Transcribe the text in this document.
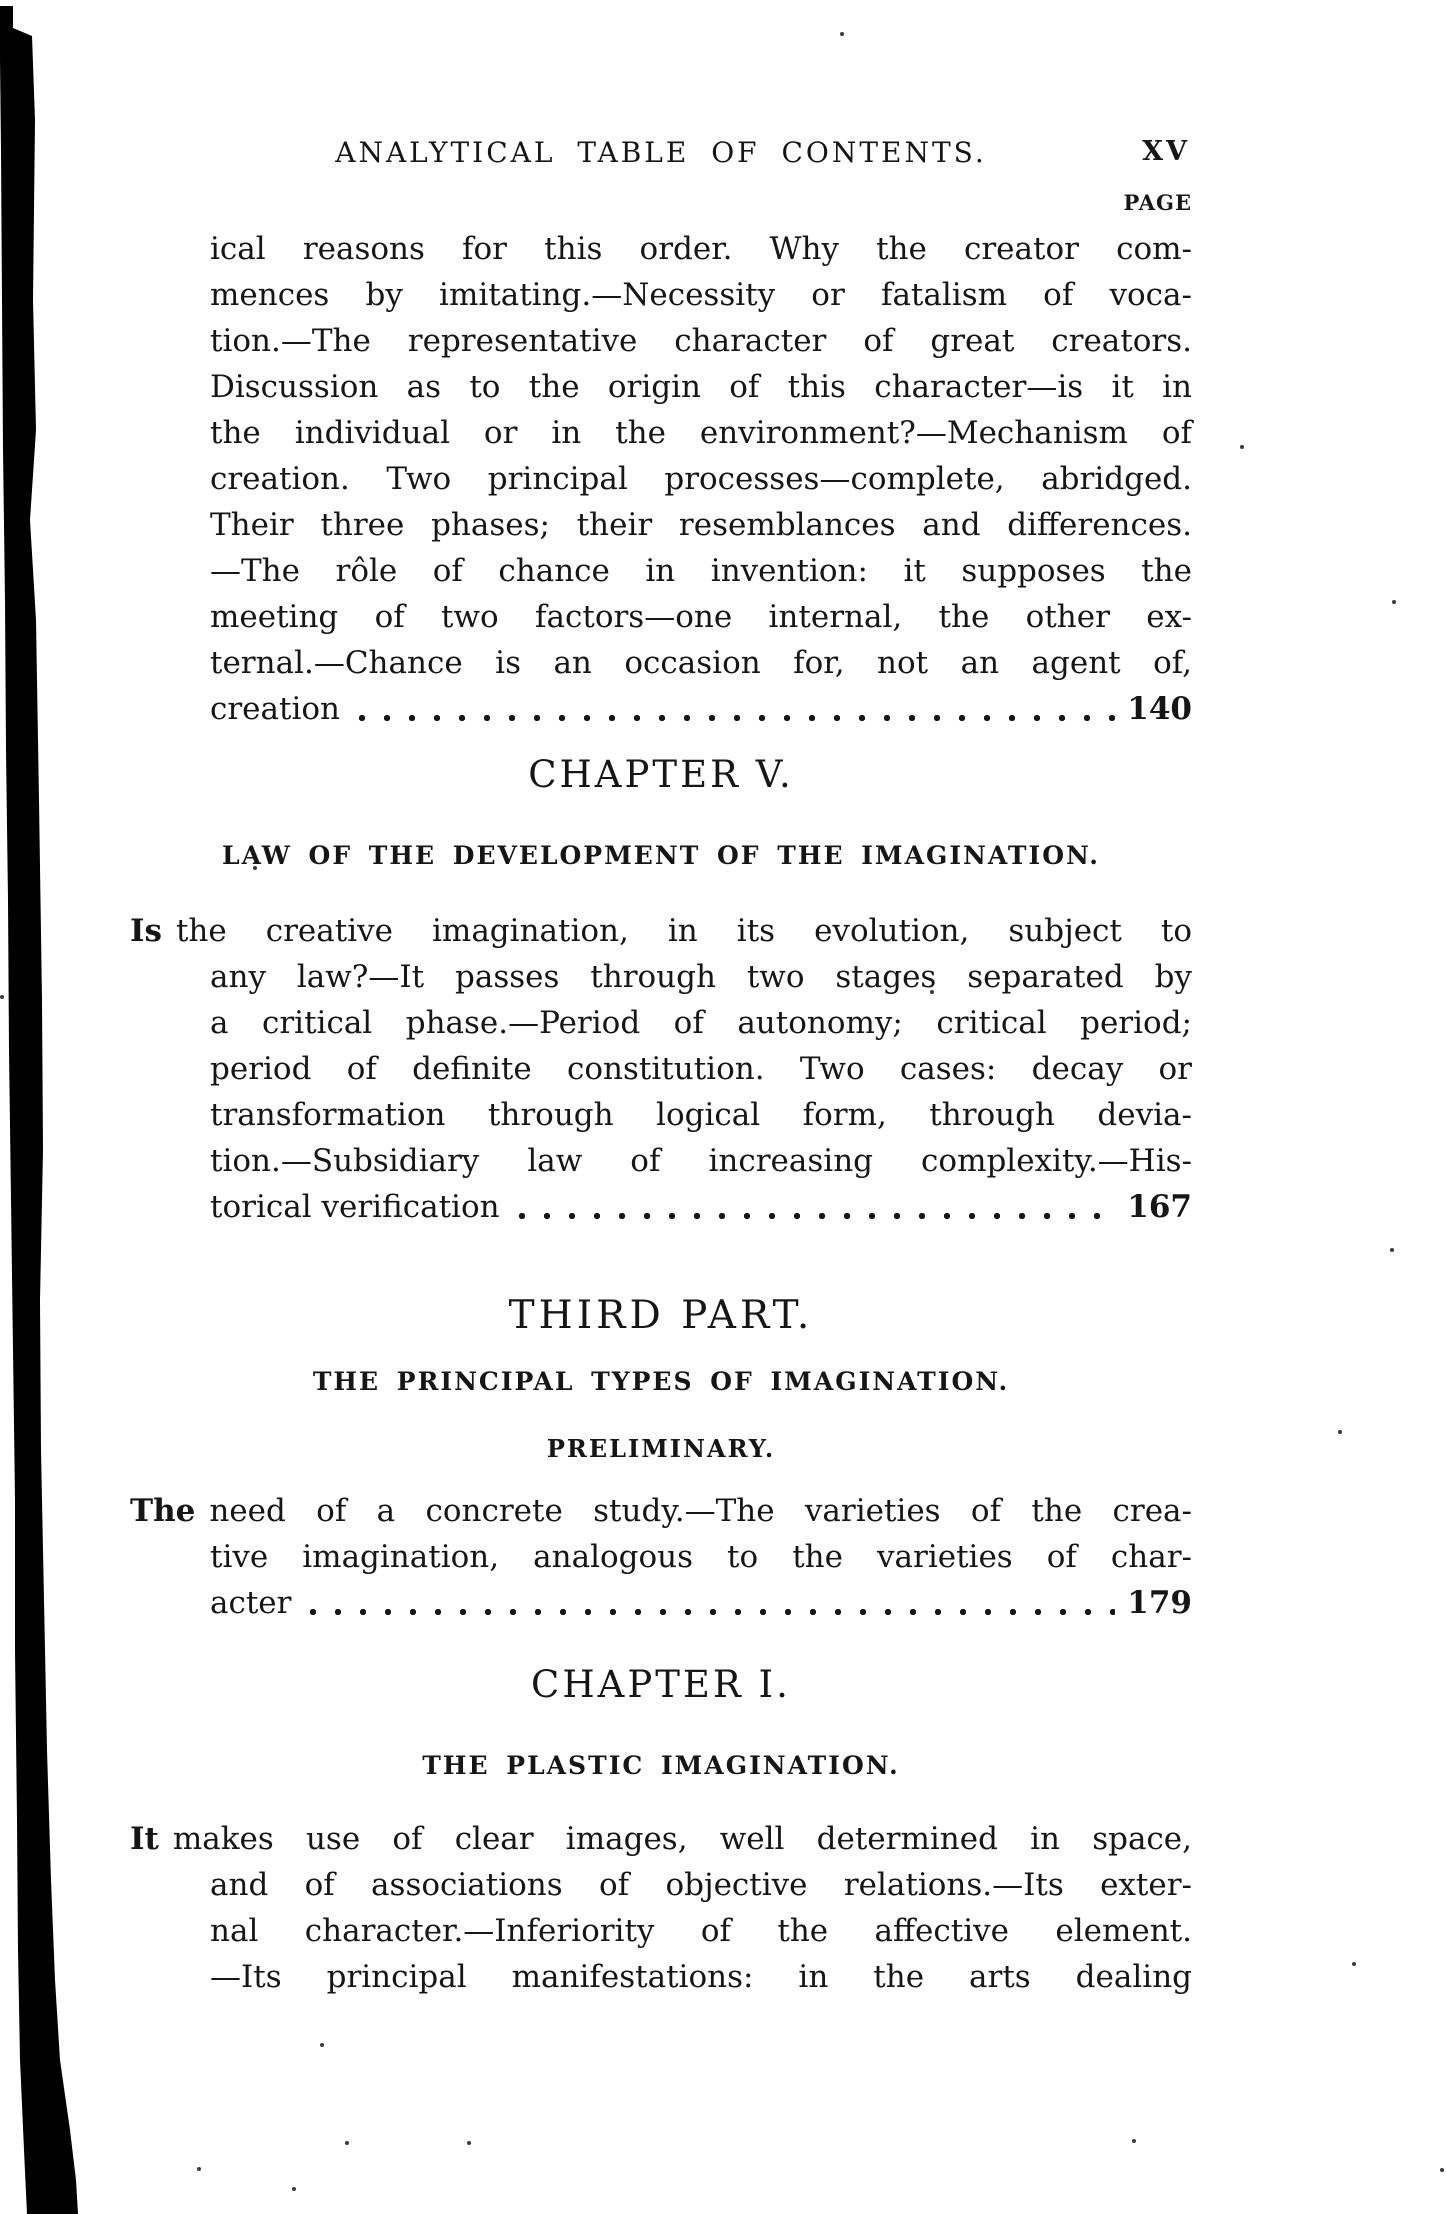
ANALYTICAL TABLE OF CONTENTS.	XV
PAGE
ical reasons for this order. Why the creator com-
mences by imitating.—Necessity or fatalism of voca-
tion.—The representative character of great creators.
Discussion as to the origin of this character—is it in
the individual or in the environment?—Mechanism of
creation. Two principal processes—complete, abridged.
Their three phases; their resemblances and differences.
—The rôle of chance in invention: it supposes the
meeting of two factors—one internal, the other ex-
ternal.—Chance is an occasion for, not an agent of,
creation	140
CHAPTER V.
LAW OF THE DEVELOPMENT OF THE IMAGINATION.
Is the creative imagination, in its evolution, subject to
any law?—It passes through two stages separated by
a critical phase.—Period of autonomy; critical period;
period of definite constitution. Two cases: decay or
transformation through logical form, through devia-
tion.—Subsidiary law of increasing complexity.—His-
torical verification	167
THIRD PART.
THE PRINCIPAL TYPES OF IMAGINATION.
PRELIMINARY.
The need of a concrete study.—The varieties of the crea-
tive imagination, analogous to the varieties of char-
acter	179
CHAPTER I.
THE PLASTIC IMAGINATION.
It makes use of clear images, well determined in space,
and of associations of objective relations.—Its exter-
nal character.—Inferiority of the affective element.
—Its principal manifestations: in the arts dealing
